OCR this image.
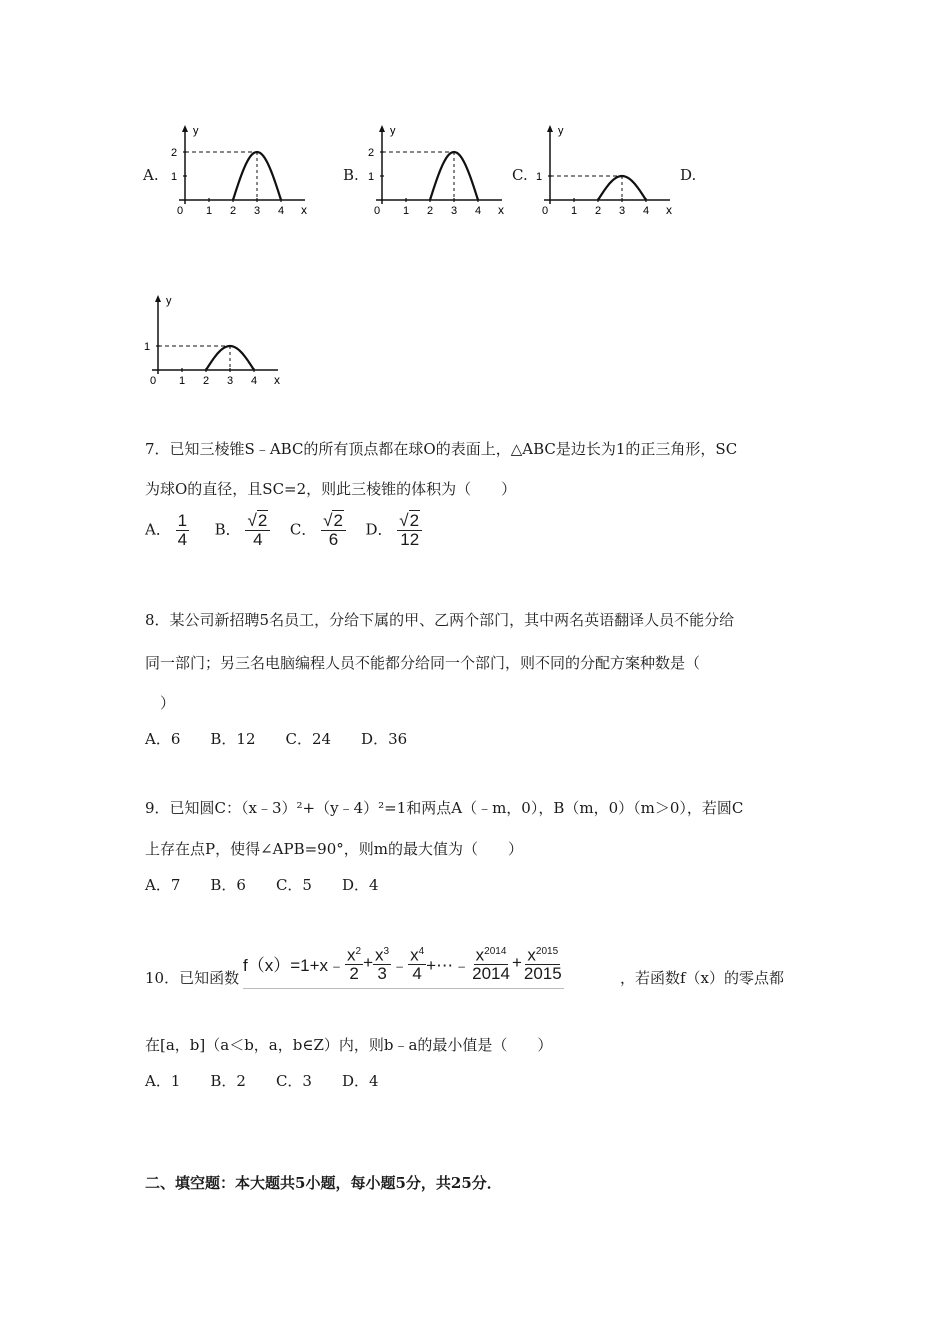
A.
y
x
0 1 2 3 4
2
1	B.
y
x
0 1 2 3 4
2
1	C.
y
x
0 1 2 3 4
1	D.
y
x
0 1 2 3 4
1
7．已知三棱锥S﹣ABC的所有顶点都在球O的表面上，△ABC是边长为1的正三角形，SC
为球O的直径，且SC=2，则此三棱锥的体积为（　　）
A． $\frac{1}{4}$ B． $\frac{√2}{4}$ C． $\frac{√2}{6}$ D． $\frac{√2}{12}$
8．某公司新招聘5名员工，分给下属的甲、乙两个部门，其中两名英语翻译人员不能分给
同一部门；另三名电脑编程人员不能都分给同一个部门，则不同的分配方案种数是（
）
A．6　　B．12　　C．24　　D．36
9．已知圆C：（x﹣3）²+（y﹣4）²=1和两点A（﹣m，0），B（m，0）（m＞0），若圆C
上存在点P，使得∠APB=90°，则m的最大值为（　　）
A．7　　B．6　　C．5　　D．4
10．已知函数
f（x）=1+x﹣ $\frac{x^2}{2} + \frac{x^3}{3}$ ﹣ $\frac{x^4}{4}$ +⋯﹣ $\frac{x^{2014}}{2014} + \frac{x^{2015}}{2015}$	，若函数f（x）的零点都
在[a，b]（a＜b，a，b∈Z）内，则b﹣a的最小值是（　　）
A．1　　B．2　　C．3　　D．4
二、填空题：本大题共5小题，每小题5分，共25分．
